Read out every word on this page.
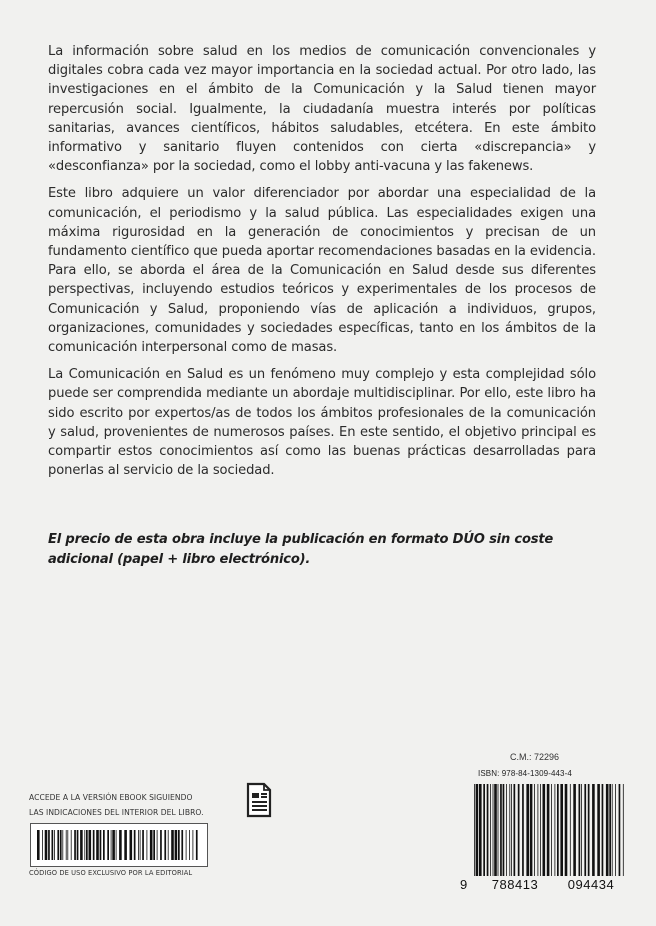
La información sobre salud en los medios de comunicación convencionales y digitales cobra cada vez mayor importancia en la sociedad actual. Por otro lado, las investigaciones en el ámbito de la Comunicación y la Salud tienen mayor repercusión social. Igualmente, la ciudadanía muestra interés por políticas sanitarias, avances científicos, hábitos saludables, etcétera. En este ámbito informativo y sanitario fluyen contenidos con cierta «discrepancia» y «desconfianza» por la sociedad, como el lobby anti-vacuna y las fakenews.

Este libro adquiere un valor diferenciador por abordar una especialidad de la comunicación, el periodismo y la salud pública. Las especialidades exigen una máxima rigurosidad en la generación de conocimientos y precisan de un fundamento científico que pueda aportar recomendaciones basadas en la evidencia. Para ello, se aborda el área de la Comunicación en Salud desde sus diferentes perspectivas, incluyendo estudios teóricos y experimentales de los procesos de Comunicación y Salud, proponiendo vías de aplicación a individuos, grupos, organizaciones, comunidades y sociedades específicas, tanto en los ámbitos de la comunicación interpersonal como de masas.

La Comunicación en Salud es un fenómeno muy complejo y esta complejidad sólo puede ser comprendida mediante un abordaje multidisciplinar. Por ello, este libro ha sido escrito por expertos/as de todos los ámbitos profesionales de la comunicación y salud, provenientes de numerosos países. En este sentido, el objetivo principal es compartir estos conocimientos así como las buenas prácticas desarrolladas para ponerlas al servicio de la sociedad.

El precio de esta obra incluye la publicación en formato DÚO sin coste adicional (papel + libro electrónico).
ACCEDE A LA VERSIÓN EBOOK SIGUIENDO
LAS INDICACIONES DEL INTERIOR DEL LIBRO.
CÓDIGO DE USO EXCLUSIVO POR LA EDITORIAL
C.M.: 72296
ISBN: 978-84-1309-443-4
9	788413	094434
